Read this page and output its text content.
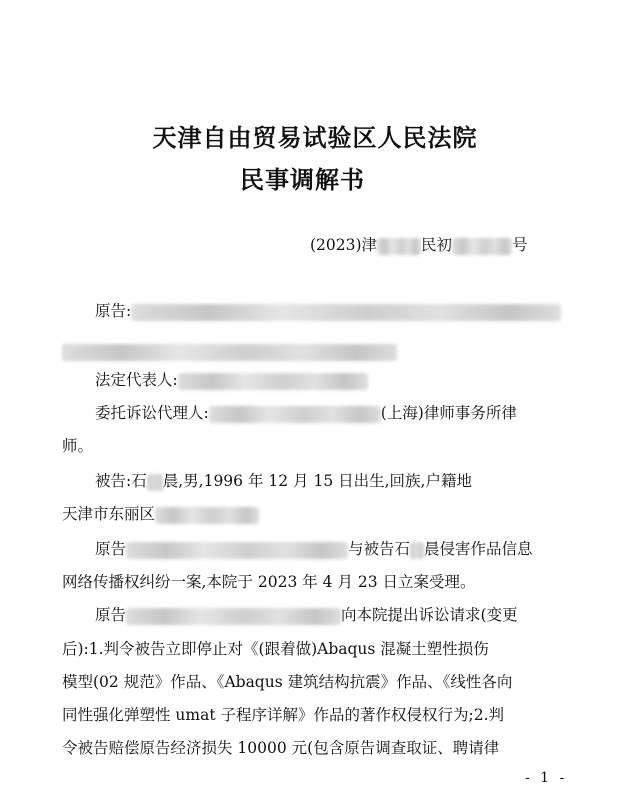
天津自由贸易试验区人民法院
民事调解书
(2023)津	民初	号
原告:
法定代表人:
委托诉讼代理人:	(上海)律师事务所律
师。
被告:石 晨,男,1996 年 12 月 15 日出生,回族,户籍地
天津市东丽区
原告	与被告石 晨侵害作品信息
网络传播权纠纷一案,本院于 2023 年 4 月 23 日立案受理。
原告	向本院提出诉讼请求(变更
后):1.判令被告立即停止对《(跟着做)Abaqus 混凝土塑性损伤
模型(02 规范》作品、《Abaqus 建筑结构抗震》作品、《线性各向
同性强化弹塑性 umat 子程序详解》作品的著作权侵权行为;2.判
令被告赔偿原告经济损失 10000 元(包含原告调查取证、聘请律
- 1 -
